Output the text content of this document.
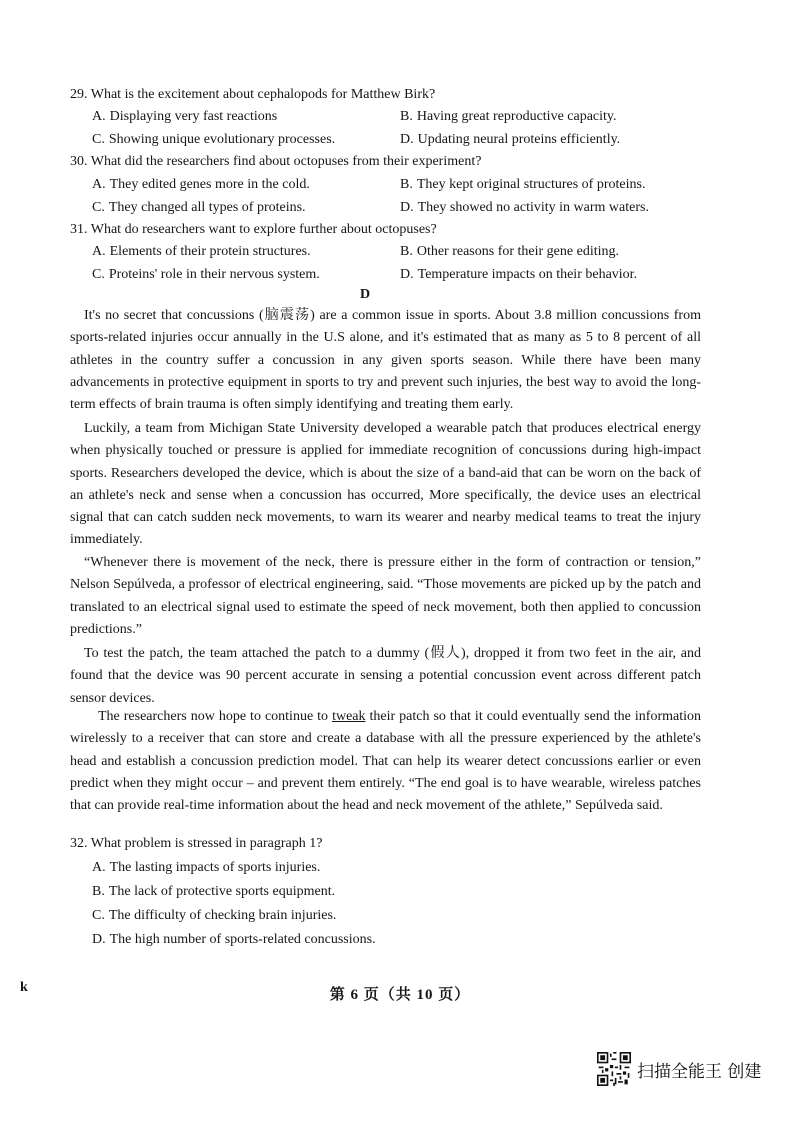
29. What is the excitement about cephalopods for Matthew Birk?
A. Displaying very fast reactions	B. Having great reproductive capacity.
C. Showing unique evolutionary processes.	D. Updating neural proteins efficiently.
30. What did the researchers find about octopuses from their experiment?
A. They edited genes more in the cold.	B. They kept original structures of proteins.
C. They changed all types of proteins.	D. They showed no activity in warm waters.
31. What do researchers want to explore further about octopuses?
A. Elements of their protein structures.	B. Other reasons for their gene editing.
C. Proteins' role in their nervous system.	D. Temperature impacts on their behavior.
D
It's no secret that concussions (脑震荡) are a common issue in sports. About 3.8 million concussions from sports-related injuries occur annually in the U.S alone, and it's estimated that as many as 5 to 8 percent of all athletes in the country suffer a concussion in any given sports season. While there have been many advancements in protective equipment in sports to try and prevent such injuries, the best way to avoid the long-term effects of brain trauma is often simply identifying and treating them early.
Luckily, a team from Michigan State University developed a wearable patch that produces electrical energy when physically touched or pressure is applied for immediate recognition of concussions during high-impact sports. Researchers developed the device, which is about the size of a band-aid that can be worn on the back of an athlete's neck and sense when a concussion has occurred, More specifically, the device uses an electrical signal that can catch sudden neck movements, to warn its wearer and nearby medical teams to treat the injury immediately.
“Whenever there is movement of the neck, there is pressure either in the form of contraction or tension,” Nelson Sepúlveda, a professor of electrical engineering, said. “Those movements are picked up by the patch and translated to an electrical signal used to estimate the speed of neck movement, both then applied to concussion predictions.”
To test the patch, the team attached the patch to a dummy (假人), dropped it from two feet in the air, and found that the device was 90 percent accurate in sensing a potential concussion event across different patch sensor devices.
The researchers now hope to continue to tweak their patch so that it could eventually send the information wirelessly to a receiver that can store and create a database with all the pressure experienced by the athlete's head and establish a concussion prediction model. That can help its wearer detect concussions earlier or even predict when they might occur – and prevent them entirely. “The end goal is to have wearable, wireless patches that can provide real-time information about the head and neck movement of the athlete,” Sepúlveda said.
32. What problem is stressed in paragraph 1?
A. The lasting impacts of sports injuries.
B. The lack of protective sports equipment.
C. The difficulty of checking brain injuries.
D. The high number of sports-related concussions.
k	第 6 页（共 10 页）
扫描全能王 创建
